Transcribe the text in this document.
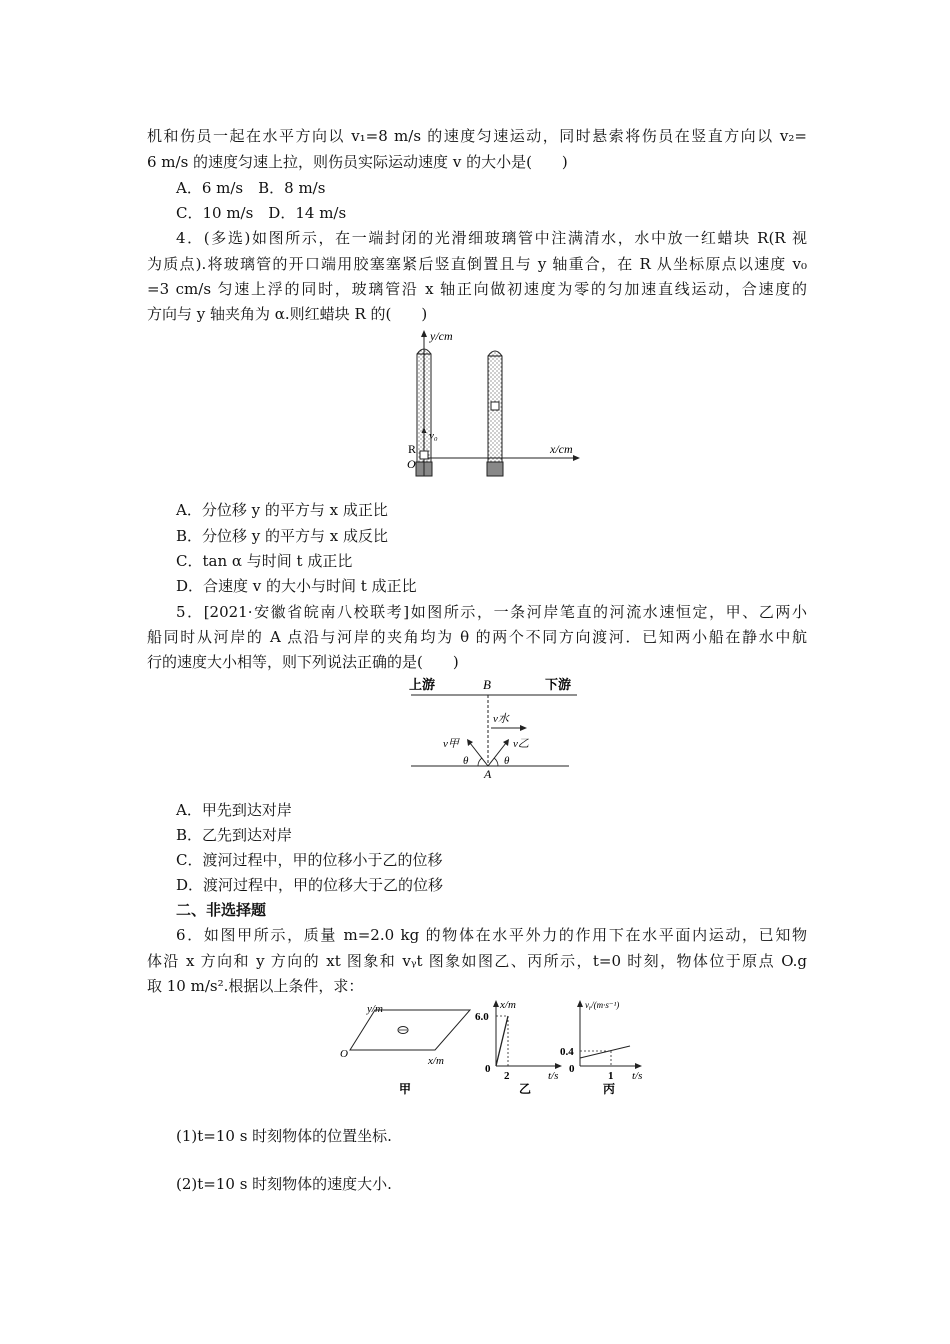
机和伤员一起在水平方向以 v₁=8 m/s 的速度匀速运动，同时悬索将伤员在竖直方向以 v₂=
6 m/s 的速度匀速上拉，则伤员实际运动速度 v 的大小是(　　)
A．6 m/s　B．8 m/s
C．10 m/s　D．14 m/s
4．(多选)如图所示，在一端封闭的光滑细玻璃管中注满清水，水中放一红蜡块 R(R 视
为质点).将玻璃管的开口端用胶塞塞紧后竖直倒置且与 y 轴重合，在 R 从坐标原点以速度 v₀
=3 cm/s 匀速上浮的同时，玻璃管沿 x 轴正向做初速度为零的匀加速直线运动，合速度的
方向与 y 轴夹角为 α.则红蜡块 R 的(　　)
y/cm
x/cm
v₀
R
O
A．分位移 y 的平方与 x 成正比
B．分位移 y 的平方与 x 成反比
C．tan α 与时间 t 成正比
D．合速度 v 的大小与时间 t 成正比
5．[2021·安徽省皖南八校联考]如图所示，一条河岸笔直的河流水速恒定，甲、乙两小
船同时从河岸的 A 点沿与河岸的夹角均为 θ 的两个不同方向渡河．已知两小船在静水中航
行的速度大小相等，则下列说法正确的是(　　)
上游	B	下游
v水
v甲	v乙
θ	θ
A
A．甲先到达对岸
B．乙先到达对岸
C．渡河过程中，甲的位移小于乙的位移
D．渡河过程中，甲的位移大于乙的位移
二、非选择题
6．如图甲所示，质量 m=2.0 kg 的物体在水平外力的作用下在水平面内运动，已知物
体沿 x 方向和 y 方向的 xt 图象和 vᵧt 图象如图乙、丙所示，t=0 时刻，物体位于原点 O.g
取 10 m/s².根据以上条件，求：
y/m
x/m
O
甲
x/m
6.0
0
2	t/s
乙
vᵧ/(m·s⁻¹)
0.4
0
1 t/s
丙
(1)t=10 s 时刻物体的位置坐标.
(2)t=10 s 时刻物体的速度大小.
